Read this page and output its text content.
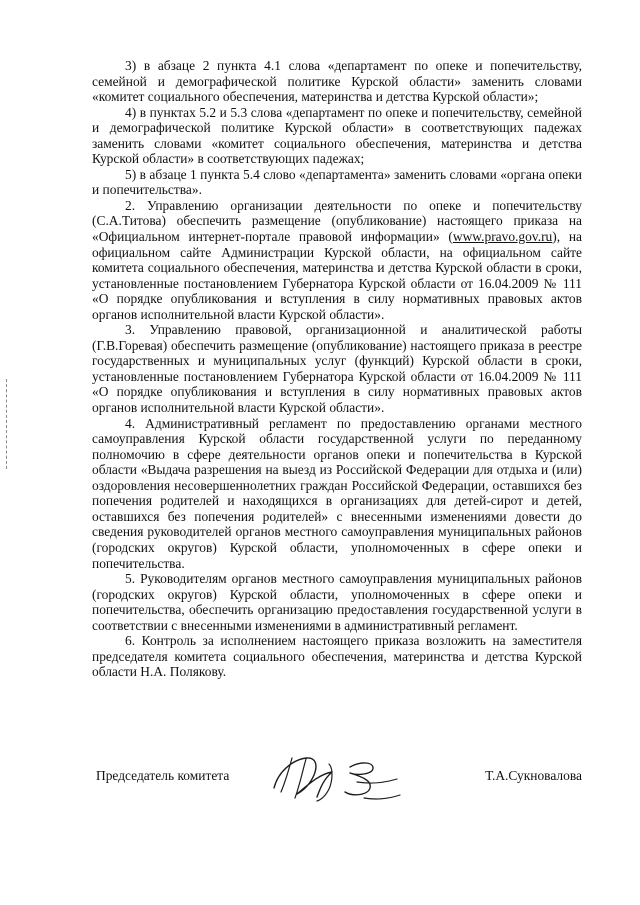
3) в абзаце 2 пункта 4.1 слова «департамент по опеке и попечительству, семейной и демографической политике Курской области» заменить словами «комитет социального обеспечения, материнства и детства Курской области»;

4) в пунктах 5.2 и 5.3 слова «департамент по опеке и попечительству, семейной и демографической политике Курской области» в соответствующих падежах заменить словами «комитет социального обеспечения, материнства и детства Курской области» в соответствующих падежах;

5) в абзаце 1 пункта 5.4 слово «департамента» заменить словами «органа опеки и попечительства».

2. Управлению организации деятельности по опеке и попечительству (С.А.Титова) обеспечить размещение (опубликование) настоящего приказа на «Официальном интернет-портале правовой информации» (www.pravo.gov.ru), на официальном сайте Администрации Курской области, на официальном сайте комитета социального обеспечения, материнства и детства Курской области в сроки, установленные постановлением Губернатора Курской области от 16.04.2009 № 111 «О порядке опубликования и вступления в силу нормативных правовых актов органов исполнительной власти Курской области».

3. Управлению правовой, организационной и аналитической работы (Г.В.Горевая) обеспечить размещение (опубликование) настоящего приказа в реестре государственных и муниципальных услуг (функций) Курской области в сроки, установленные постановлением Губернатора Курской области от 16.04.2009 № 111 «О порядке опубликования и вступления в силу нормативных правовых актов органов исполнительной власти Курской области».

4. Административный регламент по предоставлению органами местного самоуправления Курской области государственной услуги по переданному полномочию в сфере деятельности органов опеки и попечительства в Курской области «Выдача разрешения на выезд из Российской Федерации для отдыха и (или) оздоровления несовершеннолетних граждан Российской Федерации, оставшихся без попечения родителей и находящихся в организациях для детей-сирот и детей, оставшихся без попечения родителей» с внесенными изменениями довести до сведения руководителей органов местного самоуправления муниципальных районов (городских округов) Курской области, уполномоченных в сфере опеки и попечительства.

5. Руководителям органов местного самоуправления муниципальных районов (городских округов) Курской области, уполномоченных в сфере опеки и попечительства, обеспечить организацию предоставления государственной услуги в соответствии с внесенными изменениями в административный регламент.

6. Контроль за исполнением настоящего приказа возложить на заместителя председателя комитета социального обеспечения, материнства и детства Курской области Н.А. Полякову.

Председатель комитета	Т.А.Сукновалова
